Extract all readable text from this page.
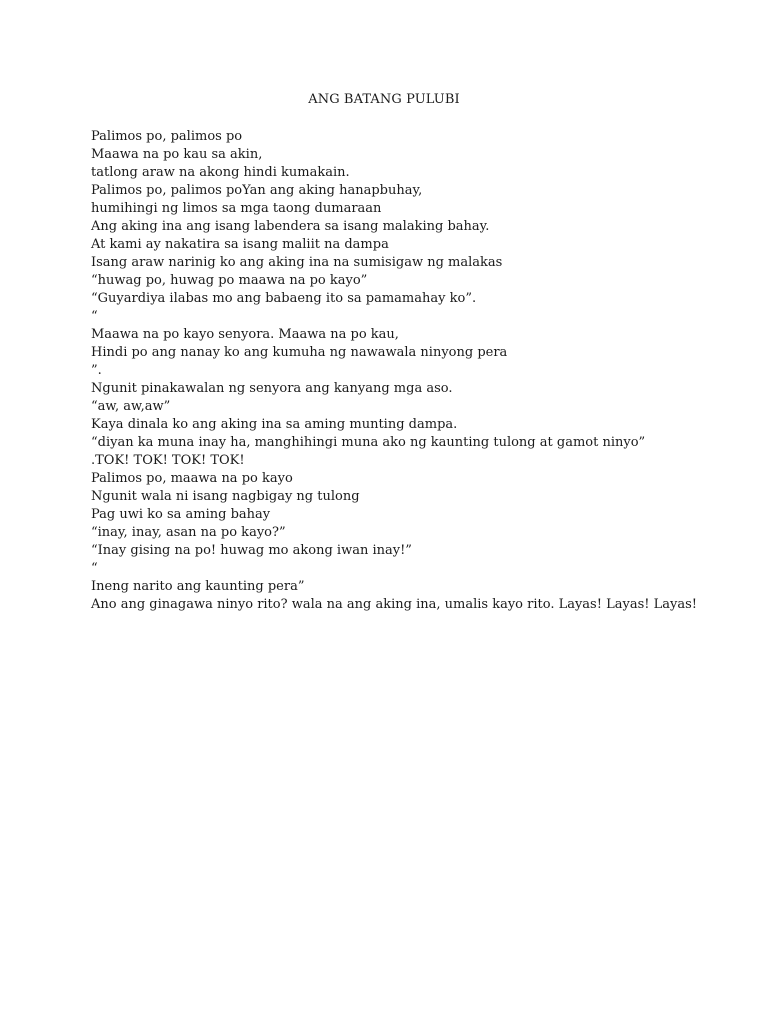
ANG BATANG PULUBI
Palimos po, palimos po
Maawa na po kau sa akin,
tatlong araw na akong hindi kumakain.
Palimos po, palimos poYan ang aking hanapbuhay,
humihingi ng limos sa mga taong dumaraan
Ang aking ina ang isang labendera sa isang malaking bahay.
At kami ay nakatira sa isang maliit na dampa
Isang araw narinig ko ang aking ina na sumisigaw ng malakas
“huwag po, huwag po maawa na po kayo”
“Guyardiya ilabas mo ang babaeng ito sa pamamahay ko”.
“
Maawa na po kayo senyora. Maawa na po kau,
Hindi po ang nanay ko ang kumuha ng nawawala ninyong pera
”.
Ngunit pinakawalan ng senyora ang kanyang mga aso.
“aw, aw,aw”
Kaya dinala ko ang aking ina sa aming munting dampa.
“diyan ka muna inay ha, manghihingi muna ako ng kaunting tulong at gamot ninyo”
.TOK! TOK! TOK! TOK!
Palimos po, maawa na po kayo
Ngunit wala ni isang nagbigay ng tulong
Pag uwi ko sa aming bahay
“inay, inay, asan na po kayo?”
“Inay gising na po! huwag mo akong iwan inay!”
“
Ineng narito ang kaunting pera”
Ano ang ginagawa ninyo rito? wala na ang aking ina, umalis kayo rito. Layas! Layas! Layas!
